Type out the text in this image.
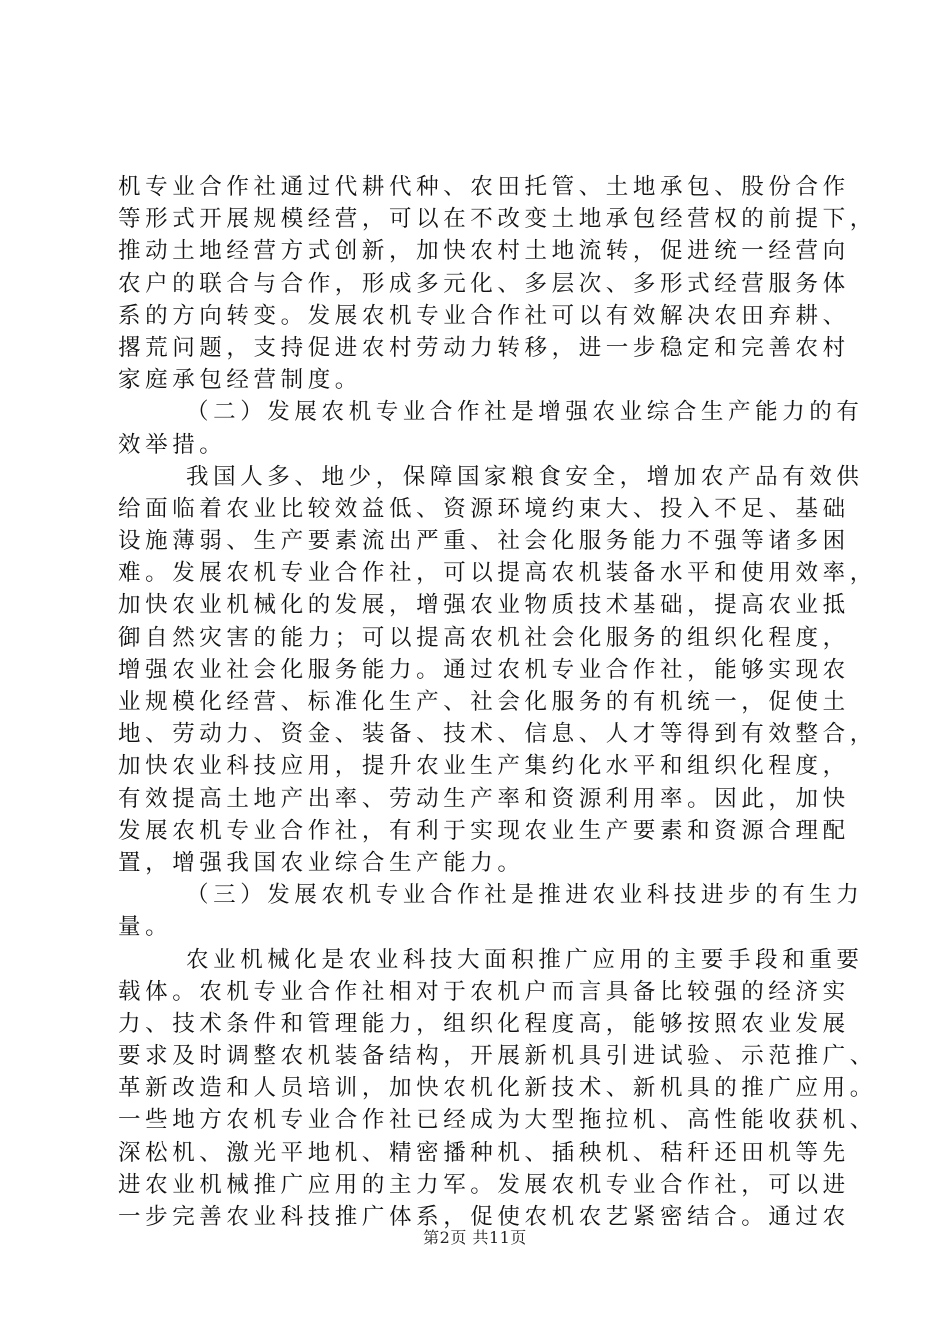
机专业合作社通过代耕代种、农田托管、土地承包、股份合作
等形式开展规模经营，可以在不改变土地承包经营权的前提下，
推动土地经营方式创新，加快农村土地流转，促进统一经营向
农户的联合与合作，形成多元化、多层次、多形式经营服务体
系的方向转变。发展农机专业合作社可以有效解决农田弃耕、
撂荒问题，支持促进农村劳动力转移，进一步稳定和完善农村
家庭承包经营制度。
（二）发展农机专业合作社是增强农业综合生产能力的有
效举措。
我国人多、地少，保障国家粮食安全，增加农产品有效供
给面临着农业比较效益低、资源环境约束大、投入不足、基础
设施薄弱、生产要素流出严重、社会化服务能力不强等诸多困
难。发展农机专业合作社，可以提高农机装备水平和使用效率，
加快农业机械化的发展，增强农业物质技术基础，提高农业抵
御自然灾害的能力；可以提高农机社会化服务的组织化程度，
增强农业社会化服务能力。通过农机专业合作社，能够实现农
业规模化经营、标准化生产、社会化服务的有机统一，促使土
地、劳动力、资金、装备、技术、信息、人才等得到有效整合，
加快农业科技应用，提升农业生产集约化水平和组织化程度，
有效提高土地产出率、劳动生产率和资源利用率。因此，加快
发展农机专业合作社，有利于实现农业生产要素和资源合理配
置，增强我国农业综合生产能力。
（三）发展农机专业合作社是推进农业科技进步的有生力
量。
农业机械化是农业科技大面积推广应用的主要手段和重要
载体。农机专业合作社相对于农机户而言具备比较强的经济实
力、技术条件和管理能力，组织化程度高，能够按照农业发展
要求及时调整农机装备结构，开展新机具引进试验、示范推广、
革新改造和人员培训，加快农机化新技术、新机具的推广应用。
一些地方农机专业合作社已经成为大型拖拉机、高性能收获机、
深松机、激光平地机、精密播种机、插秧机、秸秆还田机等先
进农业机械推广应用的主力军。发展农机专业合作社，可以进
一步完善农业科技推广体系，促使农机农艺紧密结合。通过农
第2页 共11页
